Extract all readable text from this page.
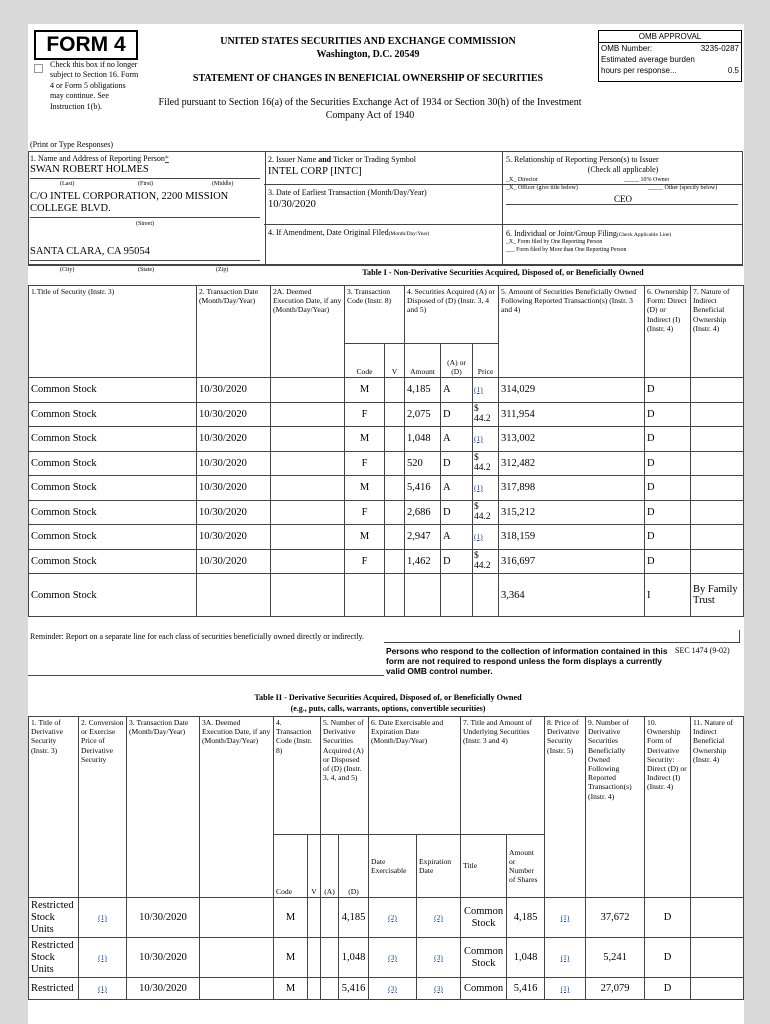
FORM 4
Check this box if no longer subject to Section 16. Form 4 or Form 5 obligations may continue. See Instruction 1(b).
UNITED STATES SECURITIES AND EXCHANGE COMMISSION
Washington, D.C. 20549
STATEMENT OF CHANGES IN BENEFICIAL OWNERSHIP OF SECURITIES
Filed pursuant to Section 16(a) of the Securities Exchange Act of 1934 or Section 30(h) of the Investment Company Act of 1940
OMB APPROVAL
OMB Number:	3235-0287
Estimated average burden
hours per response...	0.5
(Print or Type Responses)
1. Name and Address of Reporting Person*
SWAN ROBERT HOLMES
(Last)	(First)	(Middle)
C/O INTEL CORPORATION, 2200 MISSION COLLEGE BLVD.
(Street)
SANTA CLARA, CA 95054
(City)	(State)	(Zip)
2. Issuer Name and Ticker or Trading Symbol
INTEL CORP [INTC]
3. Date of Earliest Transaction (Month/Day/Year)
10/30/2020
4. If Amendment, Date Original Filed(Month/Day/Year)
5. Relationship of Reporting Person(s) to Issuer
(Check all applicable)
_X_ Director	_____ 10% Owner
_X_ Officer (give title below)	_____ Other (specify below)
CEO
6. Individual or Joint/Group Filing(Check Applicable Line)
_X_ Form filed by One Reporting Person
___ Form filed by More than One Reporting Person
Table I - Non-Derivative Securities Acquired, Disposed of, or Beneficially Owned
1.Title of Security (Instr. 3)	2. Transaction Date (Month/Day/Year)	2A. Deemed Execution Date, if any (Month/Day/Year)	3. Transaction Code (Instr. 8)		4. Securities Acquired (A) or Disposed of (D) (Instr. 3, 4 and 5)			5. Amount of Securities Beneficially Owned Following Reported Transaction(s) (Instr. 3 and 4)	6. Ownership Form: Direct (D) or Indirect (I) (Instr. 4)	7. Nature of Indirect Beneficial Ownership (Instr. 4)
			Code	V	Amount	(A) or (D)	Price			
Common Stock	10/30/2020		M		4,185	A	(1)	314,029	D	
Common Stock	10/30/2020		F		2,075	D	$ 44.2	311,954	D	
Common Stock	10/30/2020		M		1,048	A	(1)	313,002	D	
Common Stock	10/30/2020		F		520	D	$ 44.2	312,482	D	
Common Stock	10/30/2020		M		5,416	A	(1)	317,898	D	
Common Stock	10/30/2020		F		2,686	D	$ 44.2	315,212	D	
Common Stock	10/30/2020		M		2,947	A	(1)	318,159	D	
Common Stock	10/30/2020		F		1,462	D	$ 44.2	316,697	D	
Common Stock								3,364	I	By Family Trust
Reminder: Report on a separate line for each class of securities beneficially owned directly or indirectly.
Persons who respond to the collection of information contained in this form are not required to respond unless the form displays a currently valid OMB control number.
SEC 1474 (9-02)
Table II - Derivative Securities Acquired, Disposed of, or Beneficially Owned
(e.g., puts, calls, warrants, options, convertible securities)
1. Title of Derivative Security (Instr. 3)	2. Conversion or Exercise Price of Derivative Security	3. Transaction Date (Month/Day/Year)	3A. Deemed Execution Date, if any (Month/Day/Year)	4. Transaction Code (Instr. 8)		5. Number of Derivative Securities Acquired (A) or Disposed of (D) (Instr. 3, 4, and 5)		6. Date Exercisable and Expiration Date (Month/Day/Year)		7. Title and Amount of Underlying Securities (Instr. 3 and 4)		8. Price of Derivative Security (Instr. 5)	9. Number of Derivative Securities Beneficially Owned Following Reported Transaction(s) (Instr. 4)	10. Ownership Form of Derivative Security: Direct (D) or Indirect (I) (Instr. 4)	11. Nature of Indirect Beneficial Ownership (Instr. 4)
				Code	V	(A)	(D)	Date Exercisable	Expiration Date	Title	Amount or Number of Shares				
Restricted Stock Units	(1)	10/30/2020		M			4,185	(2)	(2)	Common Stock	4,185	(1)	37,672	D	
Restricted Stock Units	(1)	10/30/2020		M			1,048	(3)	(3)	Common Stock	1,048	(1)	5,241	D	
Restricted	(1)	10/30/2020		M			5,416	(3)	(3)	Common	5,416	(1)	27,079	D	
